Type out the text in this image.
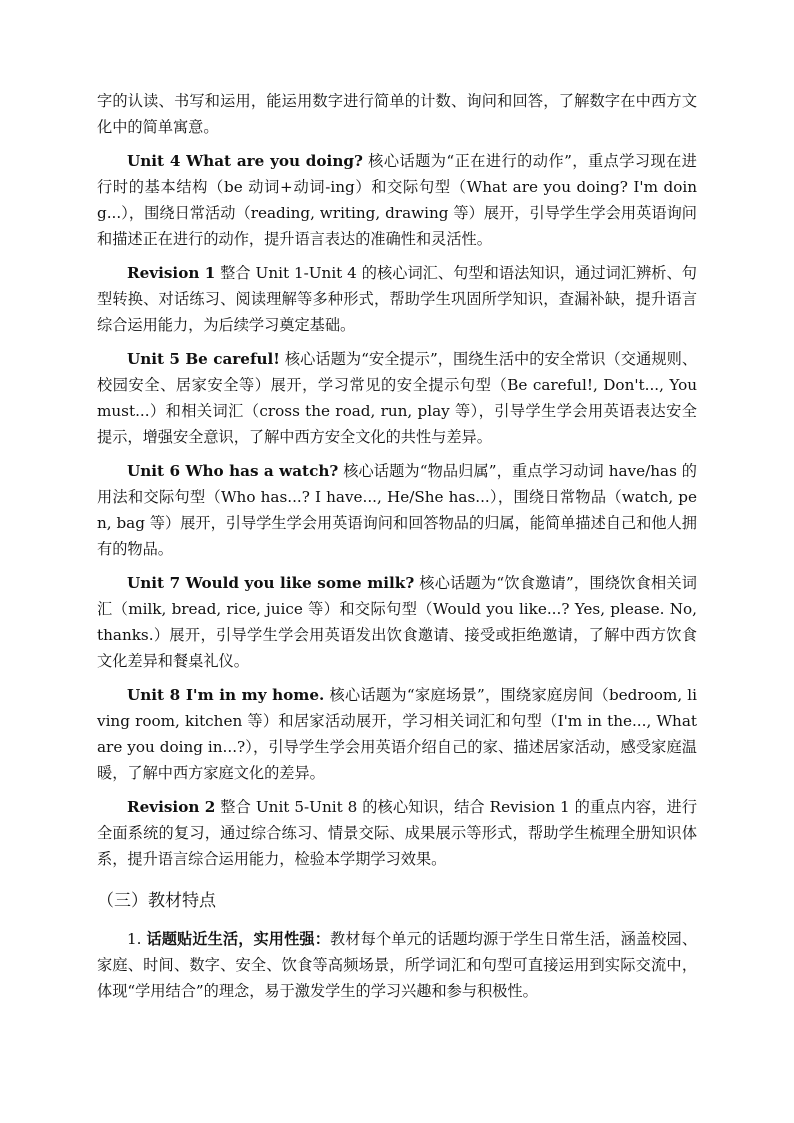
字的认读、书写和运用，能运用数字进行简单的计数、询问和回答，了解数字在中西方文化中的简单寓意。

Unit 4 What are you doing? 核心话题为“正在进行的动作”，重点学习现在进行时的基本结构（be 动词+动词-ing）和交际句型（What are you doing? I'm doing...），围绕日常活动（reading, writing, drawing 等）展开，引导学生学会用英语询问和描述正在进行的动作，提升语言表达的准确性和灵活性。

Revision 1 整合 Unit 1-Unit 4 的核心词汇、句型和语法知识，通过词汇辨析、句型转换、对话练习、阅读理解等多种形式，帮助学生巩固所学知识，查漏补缺，提升语言综合运用能力，为后续学习奠定基础。

Unit 5 Be careful! 核心话题为“安全提示”，围绕生活中的安全常识（交通规则、校园安全、居家安全等）展开，学习常见的安全提示句型（Be careful!, Don't..., You must...）和相关词汇（cross the road, run, play 等），引导学生学会用英语表达安全提示，增强安全意识，了解中西方安全文化的共性与差异。

Unit 6 Who has a watch? 核心话题为“物品归属”，重点学习动词 have/has 的用法和交际句型（Who has...? I have..., He/She has...），围绕日常物品（watch, pen, bag 等）展开，引导学生学会用英语询问和回答物品的归属，能简单描述自己和他人拥有的物品。

Unit 7 Would you like some milk? 核心话题为“饮食邀请”，围绕饮食相关词汇（milk, bread, rice, juice 等）和交际句型（Would you like...? Yes, please. No, thanks.）展开，引导学生学会用英语发出饮食邀请、接受或拒绝邀请，了解中西方饮食文化差异和餐桌礼仪。

Unit 8 I'm in my home. 核心话题为“家庭场景”，围绕家庭房间（bedroom, living room, kitchen 等）和居家活动展开，学习相关词汇和句型（I'm in the..., What are you doing in...?），引导学生学会用英语介绍自己的家、描述居家活动，感受家庭温暖，了解中西方家庭文化的差异。

Revision 2 整合 Unit 5-Unit 8 的核心知识，结合 Revision 1 的重点内容，进行全面系统的复习，通过综合练习、情景交际、成果展示等形式，帮助学生梳理全册知识体系，提升语言综合运用能力，检验本学期学习效果。

（三）教材特点

1. 话题贴近生活，实用性强：教材每个单元的话题均源于学生日常生活，涵盖校园、家庭、时间、数字、安全、饮食等高频场景，所学词汇和句型可直接运用到实际交流中，体现“学用结合”的理念，易于激发学生的学习兴趣和参与积极性。
